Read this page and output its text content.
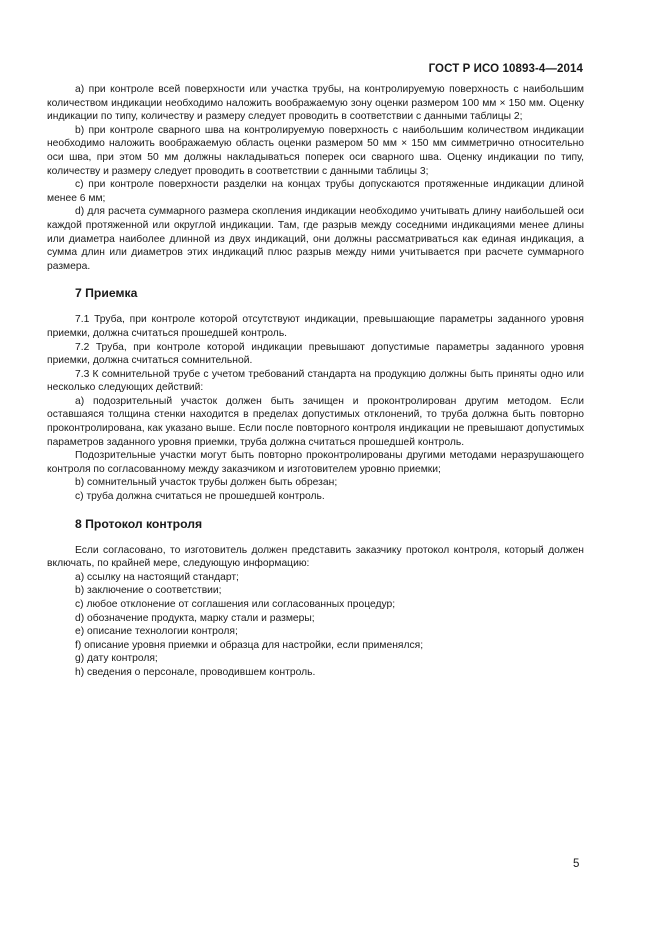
ГОСТ Р ИСО 10893-4—2014

а) при контроле всей поверхности или участка трубы, на контролируемую поверхность с наибольшим количеством индикации необходимо наложить воображаемую зону оценки размером 100 мм × 150 мм. Оценку индикации по типу, количеству и размеру следует проводить в соответствии с данными таблицы 2;

b) при контроле сварного шва на контролируемую поверхность с наибольшим количеством индикации необходимо наложить воображаемую область оценки размером 50 мм × 150 мм симметрично относительно оси шва, при этом 50 мм должны накладываться поперек оси сварного шва. Оценку индикации по типу, количеству и размеру следует проводить в соответствии с данными таблицы 3;

c) при контроле поверхности разделки на концах трубы допускаются протяженные индикации длиной менее 6 мм;

d) для расчета суммарного размера скопления индикации необходимо учитывать длину наибольшей оси каждой протяженной или округлой индикации. Там, где разрыв между соседними индикациями менее длины или диаметра наиболее длинной из двух индикаций, они должны рассматриваться как единая индикация, а сумма длин или диаметров этих индикаций плюс разрыв между ними учитывается при расчете суммарного размера.

7 Приемка

7.1 Труба, при контроле которой отсутствуют индикации, превышающие параметры заданного уровня приемки, должна считаться прошедшей контроль.

7.2 Труба, при контроле которой индикации превышают допустимые параметры заданного уровня приемки, должна считаться сомнительной.

7.3 К сомнительной трубе с учетом требований стандарта на продукцию должны быть приняты одно или несколько следующих действий:

а) подозрительный участок должен быть зачищен и проконтролирован другим методом. Если оставшаяся толщина стенки находится в пределах допустимых отклонений, то труба должна быть повторно проконтролирована, как указано выше. Если после повторного контроля индикации не превышают допустимых параметров заданного уровня приемки, труба должна считаться прошедшей контроль.

Подозрительные участки могут быть повторно проконтролированы другими методами неразрушающего контроля по согласованному между заказчиком и изготовителем уровню приемки;

b) сомнительный участок трубы должен быть обрезан;

c) труба должна считаться не прошедшей контроль.

8 Протокол контроля

Если согласовано, то изготовитель должен представить заказчику протокол контроля, который должен включать, по крайней мере, следующую информацию:

а) ссылку на настоящий стандарт;

b) заключение о соответствии;

c) любое отклонение от соглашения или согласованных процедур;

d) обозначение продукта, марку стали и размеры;

e) описание технологии контроля;

f) описание уровня приемки и образца для настройки, если применялся;

g) дату контроля;

h) сведения о персонале, проводившем контроль.

5
